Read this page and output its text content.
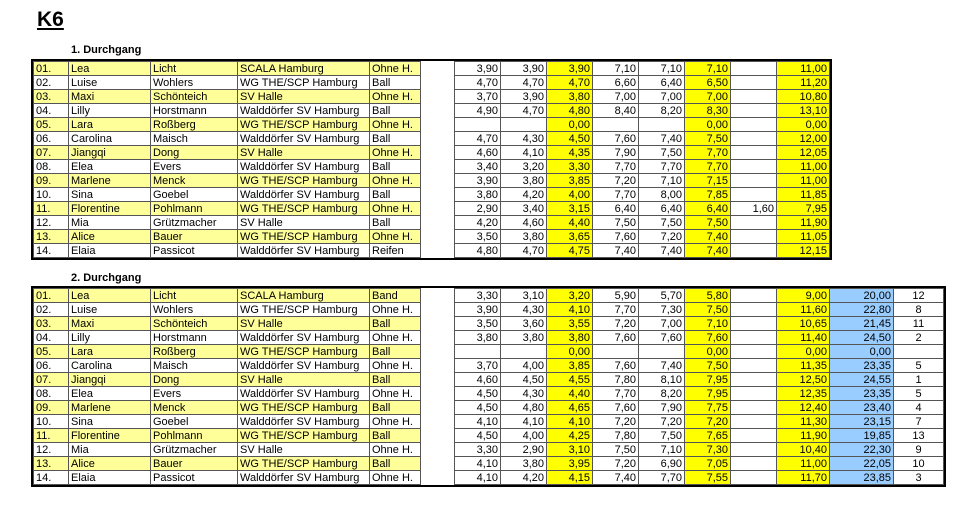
K6
1. Durchgang
01.	Lea	Licht	SCALA Hamburg	Ohne H.		3,90	3,90	3,90	7,10	7,10	7,10		11,00
02.	Luise	Wohlers	WG THE/SCP Hamburg	Ball		4,70	4,70	4,70	6,60	6,40	6,50		11,20
03.	Maxi	Schönteich	SV Halle	Ohne H.		3,70	3,90	3,80	7,00	7,00	7,00		10,80
04.	Lilly	Horstmann	Walddörfer SV Hamburg	Ball		4,90	4,70	4,80	8,40	8,20	8,30		13,10
05.	Lara	Roßberg	WG THE/SCP Hamburg	Ohne H.				0,00			0,00		0,00
06.	Carolina	Maisch	Walddörfer SV Hamburg	Ball		4,70	4,30	4,50	7,60	7,40	7,50		12,00
07.	Jiangqi	Dong	SV Halle	Ohne H.		4,60	4,10	4,35	7,90	7,50	7,70		12,05
08.	Elea	Evers	Walddörfer SV Hamburg	Ball		3,40	3,20	3,30	7,70	7,70	7,70		11,00
09.	Marlene	Menck	WG THE/SCP Hamburg	Ohne H.		3,90	3,80	3,85	7,20	7,10	7,15		11,00
10.	Sina	Goebel	Walddörfer SV Hamburg	Ball		3,80	4,20	4,00	7,70	8,00	7,85		11,85
11.	Florentine	Pohlmann	WG THE/SCP Hamburg	Ohne H.		2,90	3,40	3,15	6,40	6,40	6,40	1,60	7,95
12.	Mia	Grützmacher	SV Halle	Ball		4,20	4,60	4,40	7,50	7,50	7,50		11,90
13.	Alice	Bauer	WG THE/SCP Hamburg	Ohne H.		3,50	3,80	3,65	7,60	7,20	7,40		11,05
14.	Elaia	Passicot	Walddörfer SV Hamburg	Reifen		4,80	4,70	4,75	7,40	7,40	7,40		12,15
2. Durchgang
01.	Lea	Licht	SCALA Hamburg	Band		3,30	3,10	3,20	5,90	5,70	5,80		9,00	20,00	12
02.	Luise	Wohlers	WG THE/SCP Hamburg	Ohne H.		3,90	4,30	4,10	7,70	7,30	7,50		11,60	22,80	8
03.	Maxi	Schönteich	SV Halle	Ball		3,50	3,60	3,55	7,20	7,00	7,10		10,65	21,45	11
04.	Lilly	Horstmann	Walddörfer SV Hamburg	Ohne H.		3,80	3,80	3,80	7,60	7,60	7,60		11,40	24,50	2
05.	Lara	Roßberg	WG THE/SCP Hamburg	Ball				0,00			0,00		0,00	0,00	
06.	Carolina	Maisch	Walddörfer SV Hamburg	Ohne H.		3,70	4,00	3,85	7,60	7,40	7,50		11,35	23,35	5
07.	Jiangqi	Dong	SV Halle	Ball		4,60	4,50	4,55	7,80	8,10	7,95		12,50	24,55	1
08.	Elea	Evers	Walddörfer SV Hamburg	Ohne H.		4,50	4,30	4,40	7,70	8,20	7,95		12,35	23,35	5
09.	Marlene	Menck	WG THE/SCP Hamburg	Ball		4,50	4,80	4,65	7,60	7,90	7,75		12,40	23,40	4
10.	Sina	Goebel	Walddörfer SV Hamburg	Ohne H.		4,10	4,10	4,10	7,20	7,20	7,20		11,30	23,15	7
11.	Florentine	Pohlmann	WG THE/SCP Hamburg	Ball		4,50	4,00	4,25	7,80	7,50	7,65		11,90	19,85	13
12.	Mia	Grützmacher	SV Halle	Ohne H.		3,30	2,90	3,10	7,50	7,10	7,30		10,40	22,30	9
13.	Alice	Bauer	WG THE/SCP Hamburg	Ball		4,10	3,80	3,95	7,20	6,90	7,05		11,00	22,05	10
14.	Elaia	Passicot	Walddörfer SV Hamburg	Ohne H.		4,10	4,20	4,15	7,40	7,70	7,55		11,70	23,85	3
